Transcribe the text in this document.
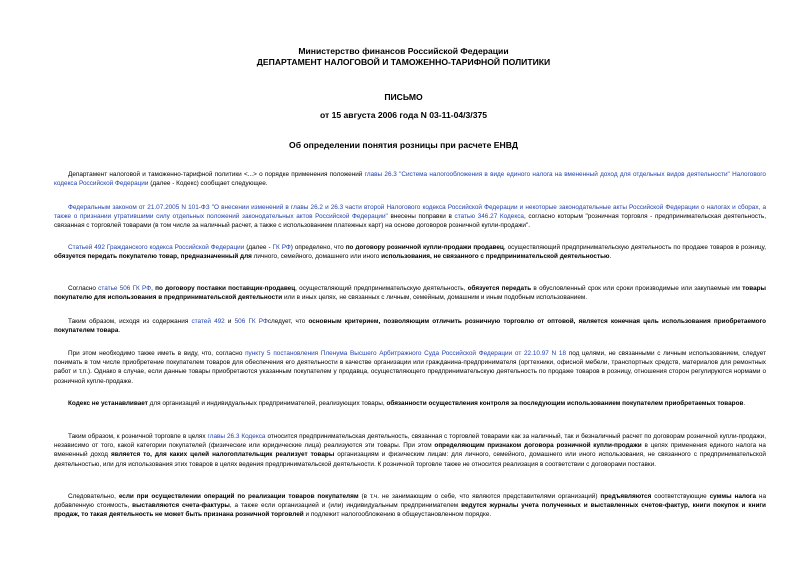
Министерство финансов Российской Федерации
ДЕПАРТАМЕНТ НАЛОГОВОЙ И ТАМОЖЕННО-ТАРИФНОЙ ПОЛИТИКИ
ПИСЬМО
от 15 августа 2006 года N 03-11-04/3/375
Об определении понятия розницы при расчете ЕНВД
Департамент налоговой и таможенно-тарифной политики <...> о порядке применения положений главы 26.3 "Система налогообложения в виде единого налога на вмененный доход для отдельных видов деятельности" Налогового кодекса Российской Федерации (далее - Кодекс) сообщает следующее.
Федеральным законом от 21.07.2005 N 101-ФЗ "О внесении изменений в главы 26.2 и 26.3 части второй Налогового кодекса Российской Федерации и некоторые законодательные акты Российской Федерации о налогах и сборах, а также о признании утратившими силу отдельных положений законодательных актов Российской Федерации" внесены поправки в статью 346.27 Кодекса, согласно которым "розничная торговля - предпринимательская деятельность, связанная с торговлей товарами (в том числе за наличный расчет, а также с использованием платежных карт) на основе договоров розничной купли-продажи".
Статьей 492 Гражданского кодекса Российской Федерации (далее - ГК РФ) определено, что по договору розничной купли-продажи продавец, осуществляющий предпринимательскую деятельность по продаже товаров в розницу, обязуется передать покупателю товар, предназначенный для личного, семейного, домашнего или иного использования, не связанного с предпринимательской деятельностью.
Согласно статье 506 ГК РФ, по договору поставки поставщик-продавец, осуществляющий предпринимательскую деятельность, обязуется передать в обусловленный срок или сроки производимые или закупаемые им товары покупателю для использования в предпринимательской деятельности или в иных целях, не связанных с личным, семейным, домашним и иным подобным использованием.
Таким образом, исходя из содержания статей 492 и 506 ГК РФследует, что основным критерием, позволяющим отличить розничную торговлю от оптовой, является конечная цель использования приобретаемого покупателем товара.
При этом необходимо также иметь в виду, что, согласно пункту 5 постановления Пленума Высшего Арбитражного Суда Российской Федерации от 22.10.97 N 18 под целями, не связанными с личным использованием, следует понимать в том числе приобретение покупателем товаров для обеспечения его деятельности в качестве организации или гражданина-предпринимателя (оргтехники, офисной мебели, транспортных средств, материалов для ремонтных работ и т.п.). Однако в случае, если данные товары приобретаются указанным покупателем у продавца, осуществляющего предпринимательскую деятельность по продаже товаров в розницу, отношения сторон регулируются нормами о розничной купле-продаже.
Кодекс не устанавливает для организаций и индивидуальных предпринимателей, реализующих товары, обязанности осуществления контроля за последующим использованием покупателем приобретаемых товаров.
Таким образом, к розничной торговле в целях главы 26.3 Кодекса относится предпринимательская деятельность, связанная с торговлей товарами как за наличный, так и безналичный расчет по договорам розничной купли-продажи, независимо от того, какой категории покупателей (физические или юридические лица) реализуются эти товары. При этом определяющим признаком договора розничной купли-продажи в целях применения единого налога на вмененный доход является то, для каких целей налогоплательщик реализует товары организациям и физическим лицам: для личного, семейного, домашнего или иного использования, не связанного с предпринимательской деятельностью, или для использования этих товаров в целях ведения предпринимательской деятельности. К розничной торговле также не относится реализация в соответствии с договорами поставки.
Следовательно, если при осуществлении операций по реализации товаров покупателям (в т.ч. не занимающим о себе, что являются представителями организаций) предъявляются соответствующие суммы налога на добавленную стоимость, выставляются счета-фактуры, а также если организацией и (или) индивидуальным предпринимателем ведутся журналы учета полученных и выставленных счетов-фактур, книги покупок и книги продаж, то такая деятельность не может быть признана розничной торговлей и подлежит налогообложению в общеустановленном порядке.
